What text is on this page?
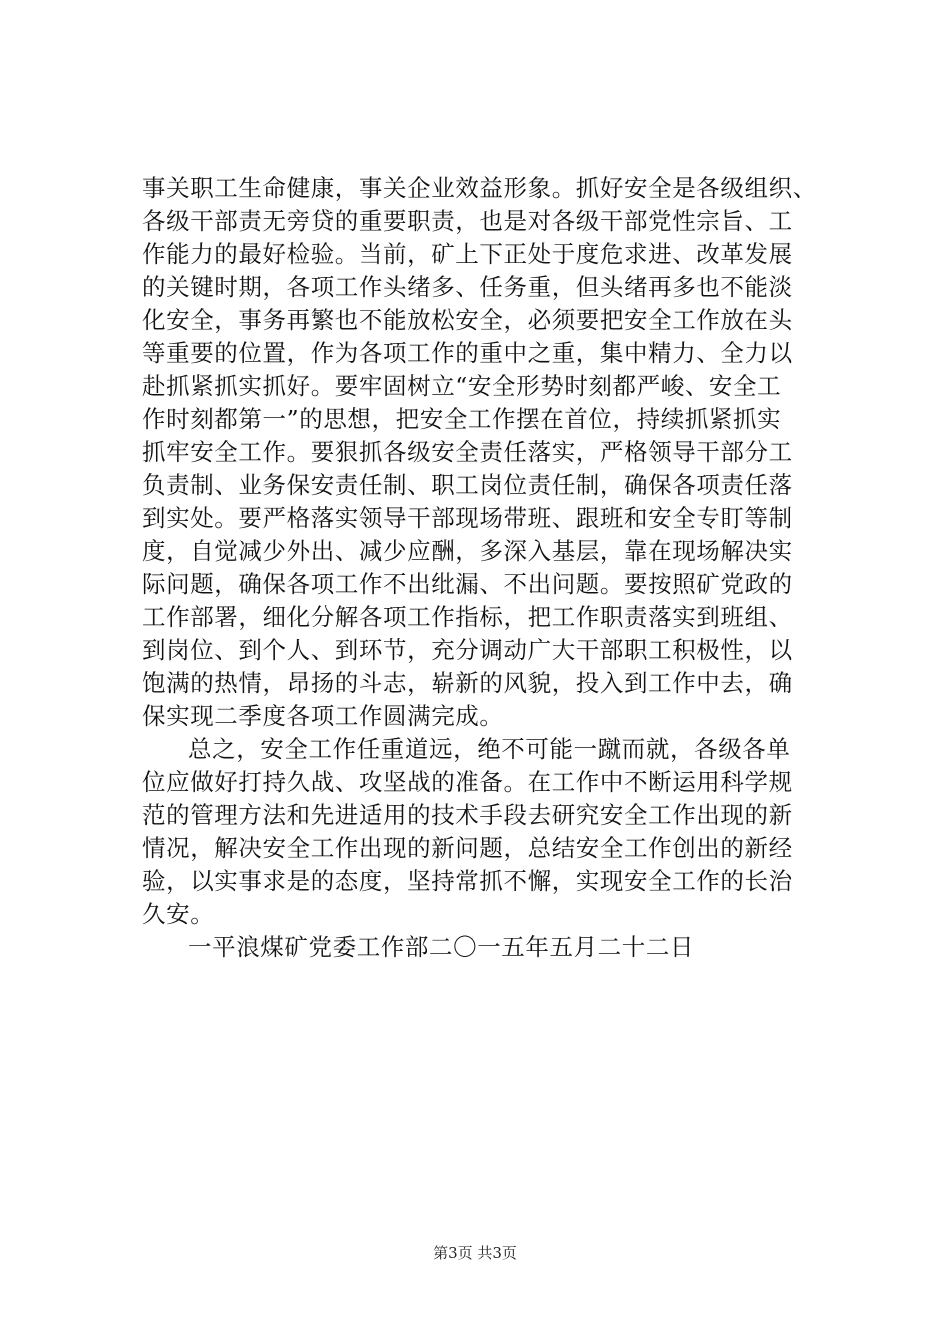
事关职工生命健康，事关企业效益形象。抓好安全是各级组织、
各级干部责无旁贷的重要职责，也是对各级干部党性宗旨、工
作能力的最好检验。当前，矿上下正处于度危求进、改革发展
的关键时期，各项工作头绪多、任务重，但头绪再多也不能淡
化安全，事务再繁也不能放松安全，必须要把安全工作放在头
等重要的位置，作为各项工作的重中之重，集中精力、全力以
赴抓紧抓实抓好。要牢固树立“安全形势时刻都严峻、安全工
作时刻都第一”的思想，把安全工作摆在首位，持续抓紧抓实
抓牢安全工作。要狠抓各级安全责任落实，严格领导干部分工
负责制、业务保安责任制、职工岗位责任制，确保各项责任落
到实处。要严格落实领导干部现场带班、跟班和安全专盯等制
度，自觉减少外出、减少应酬，多深入基层，靠在现场解决实
际问题，确保各项工作不出纰漏、不出问题。要按照矿党政的
工作部署，细化分解各项工作指标，把工作职责落实到班组、
到岗位、到个人、到环节，充分调动广大干部职工积极性，以
饱满的热情，昂扬的斗志，崭新的风貌，投入到工作中去，确
保实现二季度各项工作圆满完成。
总之，安全工作任重道远，绝不可能一蹴而就，各级各单
位应做好打持久战、攻坚战的准备。在工作中不断运用科学规
范的管理方法和先进适用的技术手段去研究安全工作出现的新
情况，解决安全工作出现的新问题，总结安全工作创出的新经
验，以实事求是的态度，坚持常抓不懈，实现安全工作的长治
久安。
一平浪煤矿党委工作部二〇一五年五月二十二日
第3页 共3页
